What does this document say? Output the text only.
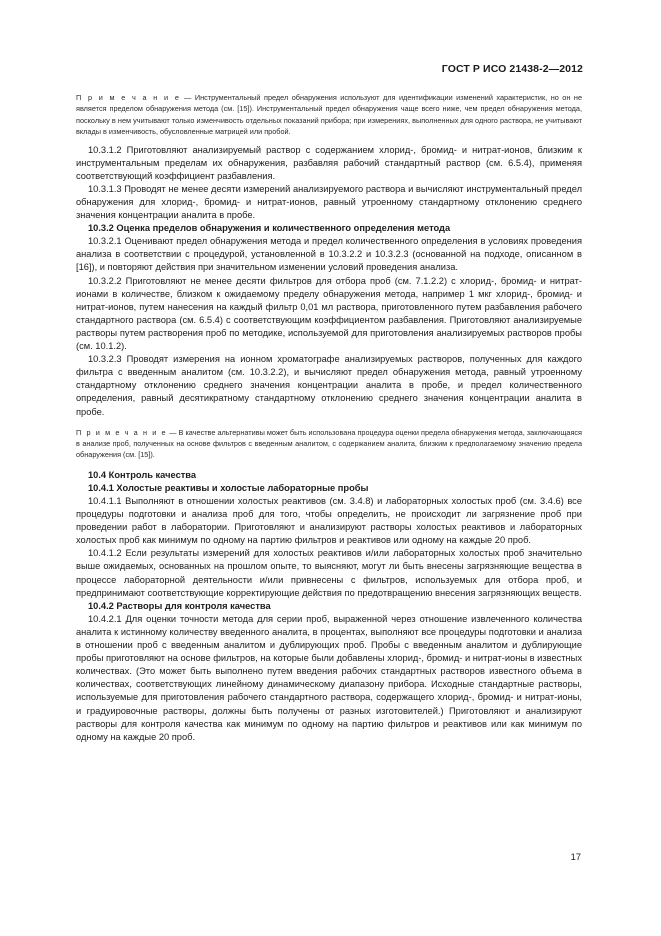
ГОСТ Р ИСО 21438-2—2012

П р и м е ч а н и е — Инструментальный предел обнаружения используют для идентификации изменений характеристик, но он не является пределом обнаружения метода (см. [15]). Инструментальный предел обнаружения чаще всего ниже, чем предел обнаружения метода, поскольку в нем учитывают только изменчивость отдельных показаний прибора; при измерениях, выполненных для одного раствора, не учитывают вклады в изменчивость, обусловленные матрицей или пробой.

10.3.1.2 Приготовляют анализируемый раствор с содержанием хлорид-, бромид- и нитрат-ионов, близким к инструментальным пределам их обнаружения, разбавляя рабочий стандартный раствор (см. 6.5.4), применяя соответствующий коэффициент разбавления.

10.3.1.3 Проводят не менее десяти измерений анализируемого раствора и вычисляют инструментальный предел обнаружения для хлорид-, бромид- и нитрат-ионов, равный утроенному стандартному отклонению среднего значения концентрации аналита в пробе.

10.3.2 Оценка пределов обнаружения и количественного определения метода

10.3.2.1 Оценивают предел обнаружения метода и предел количественного определения в условиях проведения анализа в соответствии с процедурой, установленной в 10.3.2.2 и 10.3.2.3 (основанной на подходе, описанном в [16]), и повторяют действия при значительном изменении условий проведения анализа.

10.3.2.2 Приготовляют не менее десяти фильтров для отбора проб (см. 7.1.2.2) с хлорид-, бромид- и нитрат-ионами в количестве, близком к ожидаемому пределу обнаружения метода, например 1 мкг хлорид-, бромид- и нитрат-ионов, путем нанесения на каждый фильтр 0,01 мл раствора, приготовленного путем разбавления рабочего стандартного раствора (см. 6.5.4) с соответствующим коэффициентом разбавления. Приготовляют анализируемые растворы путем растворения проб по методике, используемой для приготовления анализируемых растворов пробы (см. 10.1.2).

10.3.2.3 Проводят измерения на ионном хроматографе анализируемых растворов, полученных для каждого фильтра с введенным аналитом (см. 10.3.2.2), и вычисляют предел обнаружения метода, равный утроенному стандартному отклонению среднего значения концентрации аналита в пробе, и предел количественного определения, равный десятикратному стандартному отклонению среднего значения концентрации аналита в пробе.

П р и м е ч а н и е — В качестве альтернативы может быть использована процедура оценки предела обнаружения метода, заключающаяся в анализе проб, полученных на основе фильтров с введенным аналитом, с содержанием аналита, близким к предполагаемому значению предела обнаружения (см. [15]).

10.4 Контроль качества

10.4.1 Холостые реактивы и холостые лабораторные пробы

10.4.1.1 Выполняют в отношении холостых реактивов (см. 3.4.8) и лабораторных холостых проб (см. 3.4.6) все процедуры подготовки и анализа проб для того, чтобы определить, не происходит ли загрязнение проб при проведении работ в лаборатории. Приготовляют и анализируют растворы холостых реактивов и лабораторных холостых проб как минимум по одному на партию фильтров и реактивов или одному на каждые 20 проб.

10.4.1.2 Если результаты измерений для холостых реактивов и/или лабораторных холостых проб значительно выше ожидаемых, основанных на прошлом опыте, то выясняют, могут ли быть внесены загрязняющие вещества в процессе лабораторной деятельности и/или привнесены с фильтров, используемых для отбора проб, и предпринимают соответствующие корректирующие действия по предотвращению внесения загрязняющих веществ.

10.4.2 Растворы для контроля качества

10.4.2.1 Для оценки точности метода для серии проб, выраженной через отношение извлеченного количества аналита к истинному количеству введенного аналита, в процентах, выполняют все процедуры подготовки и анализа в отношении проб с введенным аналитом и дублирующих проб. Пробы с введенным аналитом и дублирующие пробы приготовляют на основе фильтров, на которые были добавлены хлорид-, бромид- и нитрат-ионы в известных количествах. (Это может быть выполнено путем введения рабочих стандартных растворов известного объема в количествах, соответствующих линейному динамическому диапазону прибора. Исходные стандартные растворы, используемые для приготовления рабочего стандартного раствора, содержащего хлорид-, бромид- и нитрат-ионы, и градуировочные растворы, должны быть получены от разных изготовителей.) Приготовляют и анализируют растворы для контроля качества как минимум по одному на партию фильтров и реактивов или как минимум по одному на каждые 20 проб.

17
